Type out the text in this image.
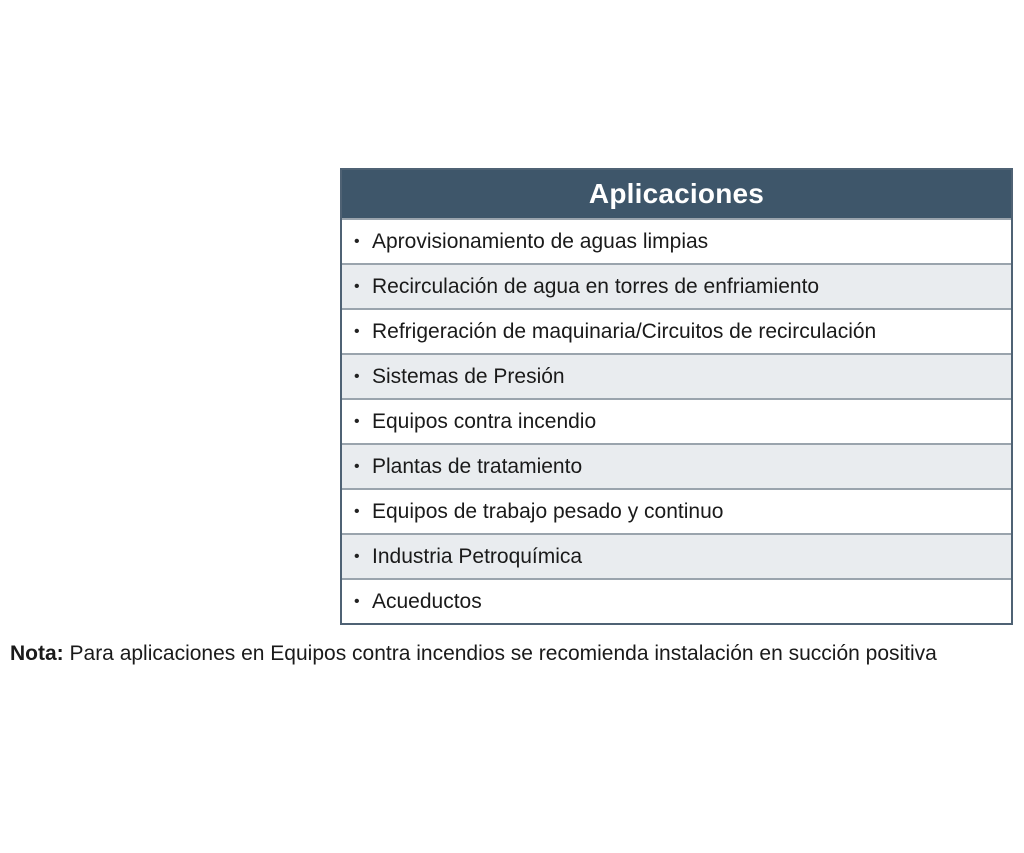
Aplicaciones
• Aprovisionamiento de aguas limpias
• Recirculación de agua en torres de enfriamiento
• Refrigeración de maquinaria/Circuitos de recirculación
• Sistemas de Presión
• Equipos contra incendio
• Plantas de tratamiento
• Equipos de trabajo pesado y continuo
• Industria Petroquímica
• Acueductos
Nota: Para aplicaciones en Equipos contra incendios se recomienda instalación en succión positiva
